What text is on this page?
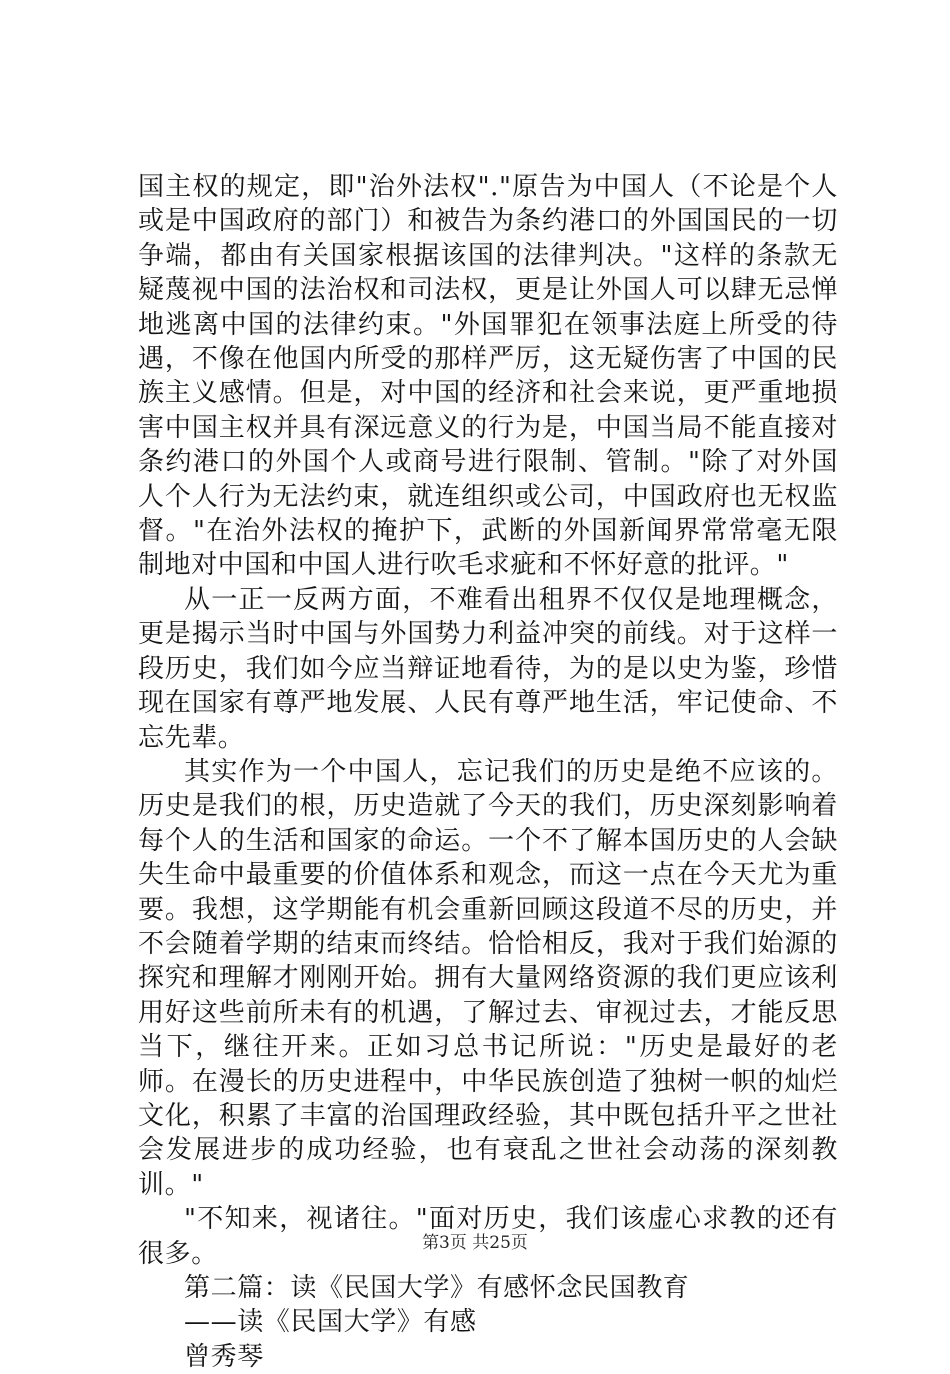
国主权的规定，即"治外法权"."原告为中国人（不论是个人或是中国政府的部门）和被告为条约港口的外国国民的一切争端，都由有关国家根据该国的法律判决。"这样的条款无疑蔑视中国的法治权和司法权，更是让外国人可以肆无忌惮地逃离中国的法律约束。"外国罪犯在领事法庭上所受的待遇，不像在他国内所受的那样严厉，这无疑伤害了中国的民族主义感情。但是，对中国的经济和社会来说，更严重地损害中国主权并具有深远意义的行为是，中国当局不能直接对条约港口的外国个人或商号进行限制、管制。"除了对外国人个人行为无法约束，就连组织或公司，中国政府也无权监督。"在治外法权的掩护下，武断的外国新闻界常常毫无限制地对中国和中国人进行吹毛求疵和不怀好意的批评。"

从一正一反两方面，不难看出租界不仅仅是地理概念，更是揭示当时中国与外国势力利益冲突的前线。对于这样一段历史，我们如今应当辩证地看待，为的是以史为鉴，珍惜现在国家有尊严地发展、人民有尊严地生活，牢记使命、不忘先辈。

其实作为一个中国人，忘记我们的历史是绝不应该的。历史是我们的根，历史造就了今天的我们，历史深刻影响着每个人的生活和国家的命运。一个不了解本国历史的人会缺失生命中最重要的价值体系和观念，而这一点在今天尤为重要。我想，这学期能有机会重新回顾这段道不尽的历史，并不会随着学期的结束而终结。恰恰相反，我对于我们始源的探究和理解才刚刚开始。拥有大量网络资源的我们更应该利用好这些前所未有的机遇，了解过去、审视过去，才能反思当下，继往开来。正如习总书记所说："历史是最好的老师。在漫长的历史进程中，中华民族创造了独树一帜的灿烂文化，积累了丰富的治国理政经验，其中既包括升平之世社会发展进步的成功经验，也有衰乱之世社会动荡的深刻教训。"

"不知来，视诸往。"面对历史，我们该虚心求教的还有很多。

第二篇：读《民国大学》有感怀念民国教育

——读《民国大学》有感

曾秀琴

第3页 共25页
